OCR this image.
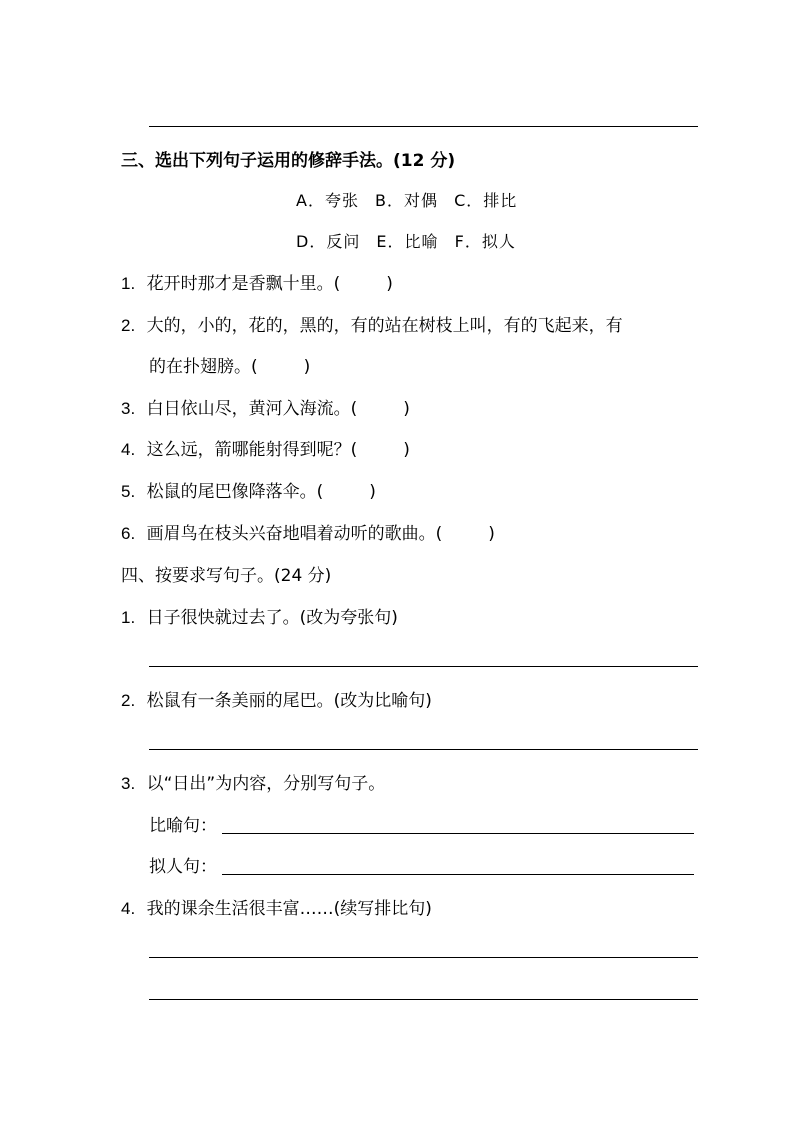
三、选出下列句子运用的修辞手法。(12 分)
A．夸张 B．对偶 C．排比
D．反问 E．比喻 F．拟人
1. 花开时那才是香飘十里。(	)
2. 大的，小的，花的，黑的，有的站在树枝上叫，有的飞起来，有
的在扑翅膀。(	)
3. 白日依山尽，黄河入海流。(	)
4. 这么远，箭哪能射得到呢？(	)
5. 松鼠的尾巴像降落伞。(	)
6. 画眉鸟在枝头兴奋地唱着动听的歌曲。(	)
四、按要求写句子。(24 分)
1. 日子很快就过去了。(改为夸张句)
2. 松鼠有一条美丽的尾巴。(改为比喻句)
3. 以“日出”为内容，分别写句子。
比喻句：
拟人句：
4. 我的课余生活很丰富……(续写排比句)
